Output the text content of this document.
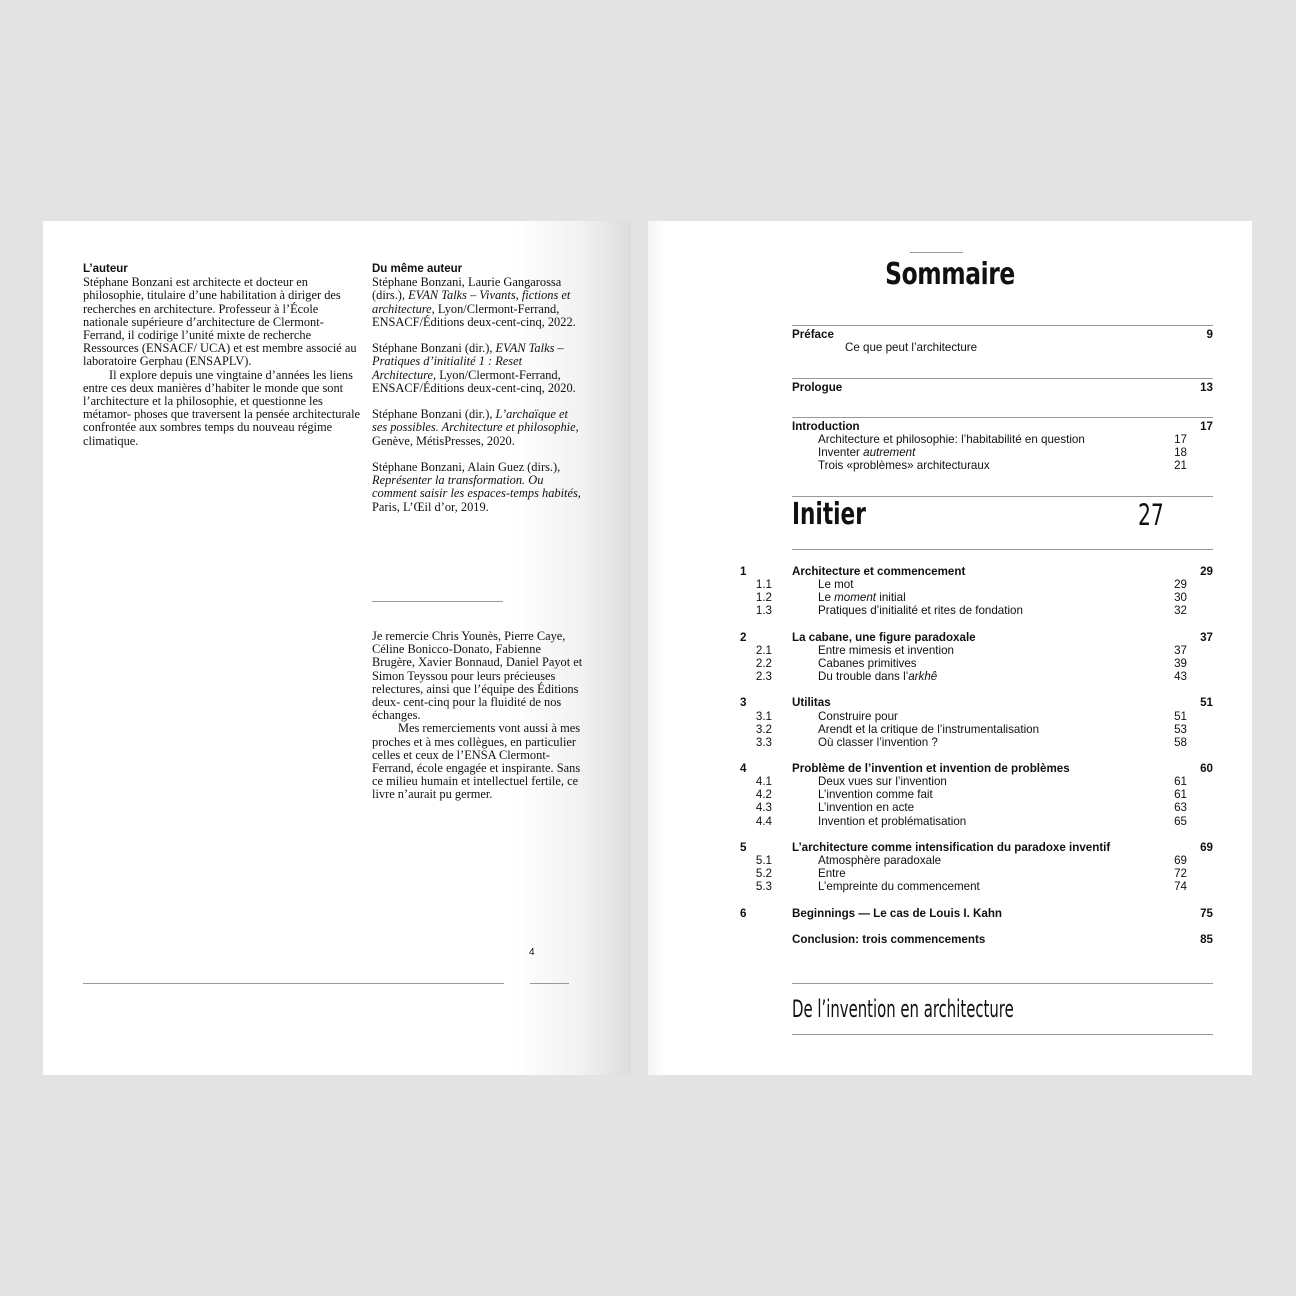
L’auteur

Stéphane Bonzani est architecte et docteur en philosophie, titulaire d’une habilitation à diriger des recherches en architecture. Professeur à l’École nationale supérieure d’architecture de Clermont-Ferrand, il codirige l’unité mixte de recherche Ressources (ENSACF/ UCA) et est membre associé au laboratoire Gerphau (ENSAPLV).

Il explore depuis une vingtaine d’années les liens entre ces deux manières d’habiter le monde que sont l’architecture et la philosophie, et questionne les métamor- phoses que traversent la pensée architecturale confrontée aux sombres temps du nouveau régime climatique.

Du même auteur

Stéphane Bonzani, Laurie Gangarossa (dirs.), EVAN Talks – Vivants, fictions et architecture, Lyon/Clermont-Ferrand, ENSACF/Éditions deux-cent-cinq, 2022.

Stéphane Bonzani (dir.), EVAN Talks – Pratiques d’initialité 1 : Reset Architecture, Lyon/Clermont-Ferrand, ENSACF/Éditions deux-cent-cinq, 2020.

Stéphane Bonzani (dir.), L’archaïque et ses possibles. Architecture et philosophie, Genève, MétisPresses, 2020.

Stéphane Bonzani, Alain Guez (dirs.), Représenter la transformation. Ou comment saisir les espaces-temps habités, Paris, L’Œil d’or, 2019.

Je remercie Chris Younès, Pierre Caye, Céline Bonicco-Donato, Fabienne Brugère, Xavier Bonnaud, Daniel Payot et Simon Teyssou pour leurs précieuses relectures, ainsi que l’équipe des Éditions deux- cent-cinq pour la fluidité de nos échanges.

Mes remerciements vont aussi à mes proches et à mes collègues, en particulier celles et ceux de l’ENSA Clermont-Ferrand, école engagée et inspirante. Sans ce milieu humain et intellectuel fertile, ce livre n’aurait pu germer.

4
Sommaire
Préface	9
Ce que peut l’architecture
Prologue	13
Introduction	17
Architecture et philosophie: l’habitabilité en question	17
Inventer autrement	18
Trois «problèmes» architecturaux	21
Initier	27
1	Architecture et commencement	29
1.1	Le mot	29
1.2	Le moment initial	30
1.3	Pratiques d’initialité et rites de fondation	32
2	La cabane, une figure paradoxale	37
2.1	Entre mimesis et invention	37
2.2	Cabanes primitives	39
2.3	Du trouble dans l’arkhê	43
3	Utilitas	51
3.1	Construire pour	51
3.2	Arendt et la critique de l’instrumentalisation	53
3.3	Où classer l’invention ?	58
4	Problème de l’invention et invention de problèmes	60
4.1	Deux vues sur l’invention	61
4.2	L’invention comme fait	61
4.3	L’invention en acte	63
4.4	Invention et problématisation	65
5	L’architecture comme intensification du paradoxe inventif	69
5.1	Atmosphère paradoxale	69
5.2	Entre	72
5.3	L’empreinte du commencement	74
6	Beginnings — Le cas de Louis I. Kahn	75
Conclusion: trois commencements	85
De l’invention en architecture
